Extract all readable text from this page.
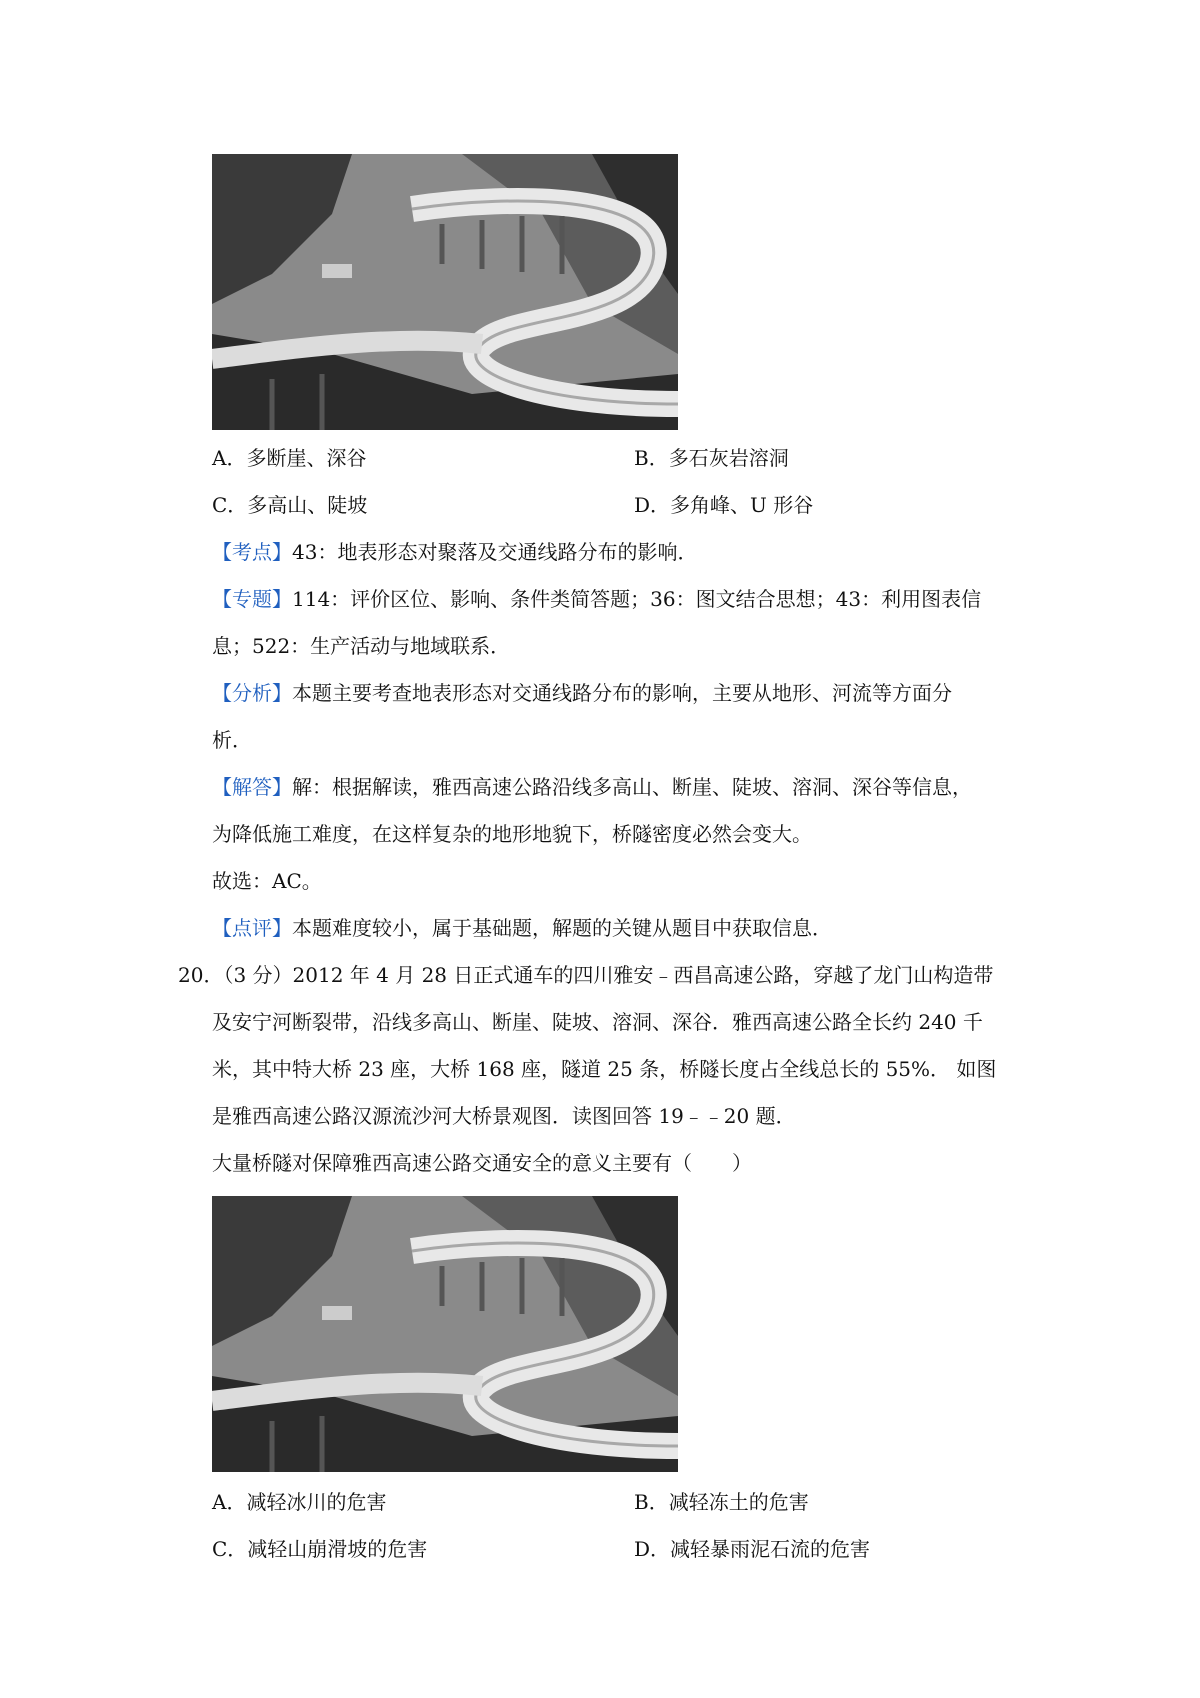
A．多断崖、深谷	B．多石灰岩溶洞
C．多高山、陡坡	D．多角峰、U 形谷
【考点】43：地表形态对聚落及交通线路分布的影响．
【专题】114：评价区位、影响、条件类简答题；36：图文结合思想；43：利用图表信
息；522：生产活动与地域联系．
【分析】本题主要考查地表形态对交通线路分布的影响，主要从地形、河流等方面分
析．
【解答】解：根据解读，雅西高速公路沿线多高山、断崖、陡坡、溶洞、深谷等信息，
为降低施工难度，在这样复杂的地形地貌下，桥隧密度必然会变大。
故选：AC。
【点评】本题难度较小，属于基础题，解题的关键从题目中获取信息．
20．（3 分）2012 年 4 月 28 日正式通车的四川雅安﹣西昌高速公路，穿越了龙门山构造带
及安宁河断裂带，沿线多高山、断崖、陡坡、溶洞、深谷．雅西高速公路全长约 240 千
米，其中特大桥 23 座，大桥 168 座，隧道 25 条，桥隧长度占全线总长的 55%． 如图
是雅西高速公路汉源流沙河大桥景观图．读图回答 19﹣﹣20 题．
大量桥隧对保障雅西高速公路交通安全的意义主要有（　　）
A．减轻冰川的危害	B．减轻冻土的危害
C．减轻山崩滑坡的危害	D．减轻暴雨泥石流的危害
